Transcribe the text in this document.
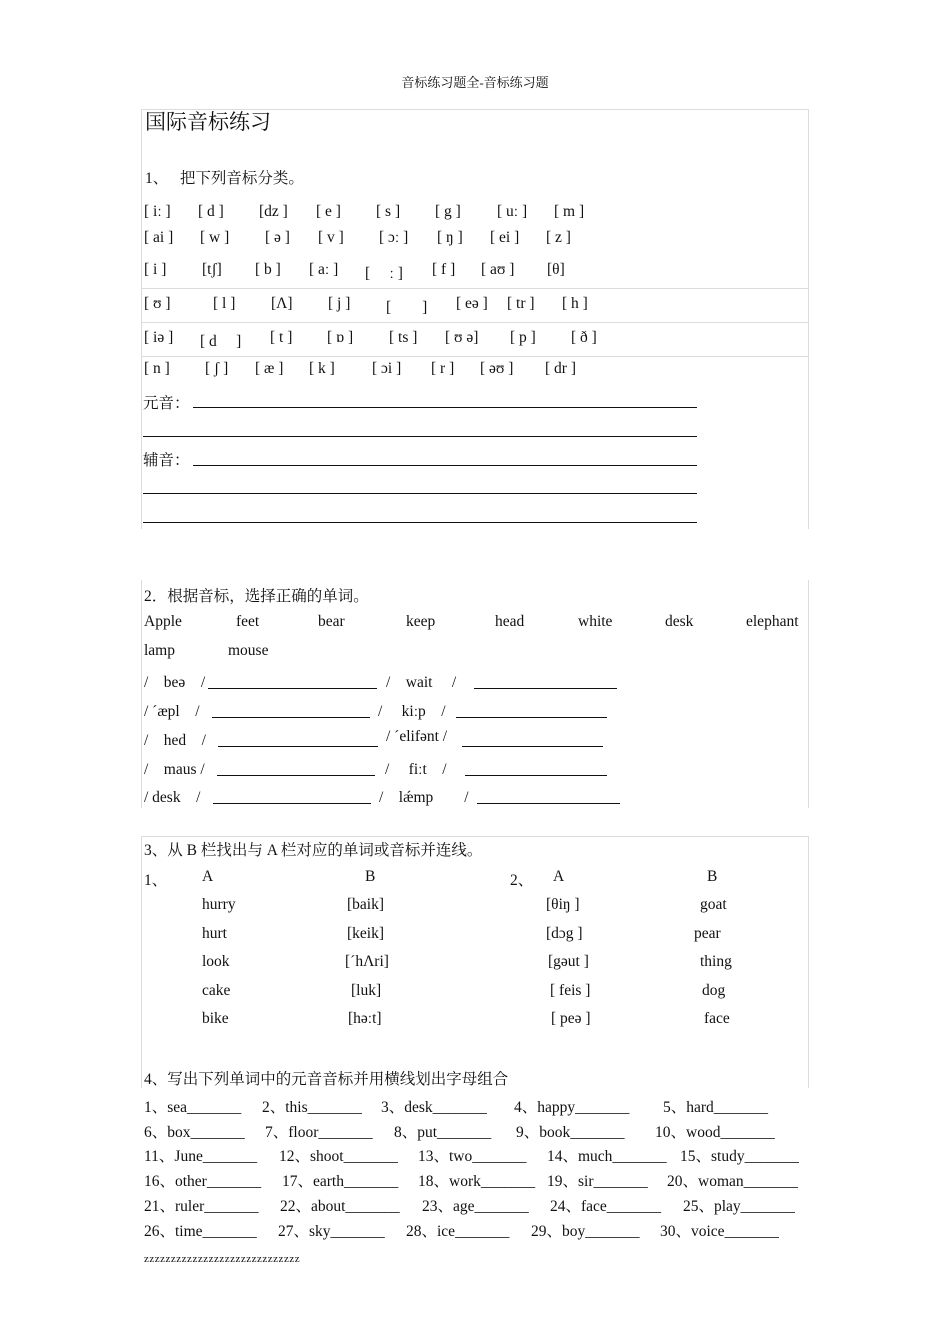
音标练习题全-音标练习题
国际音标练习
1、　 把下列音标分类。
[ iː ] [ d ] [dz ] [ e ] [ s ] [ g ] [ uː ] [ m ]
[ ai ] [ w ] [ ə ] [ v ] [ ɔː ] [ ŋ ] [ ei ] [ z ]
[ i ] [tʃ] [ b ] [ aː ] [　 ː ] [ f ] [ aʊ ] [θ]
[ ʊ ]	[ l ] [Λ] [ j ] [　　] [ eə ] [ tr ] [ h ]
[ iə ] [ d　 ] [ t ] [ ɒ ] [ ts ] [ ʊ ə] [ p ] [ ð ]
[ n ] [ ʃ ] [ æ ] [ k ] [ ɔi ] [ r ] [ əʊ ] [ dr ]
元音：
辅音：
2．根据音标，选择正确的单词。
Apple	feet	bear	keep	head	white	desk	elephant
lamp	mouse
/　beə　/	/　wait　 /
/ ˊæpl　/	/　 kiːp　/
/　hed　/	/ ˊelifənt /
/　maus /	/　 fiːt　/
/ desk　/	/　lǽmp　　/
3、从 B 栏找出与 A 栏对应的单词或音标并连线。
1、 A	B	2、 A	B
hurry	[baik]	[θiŋ ]	goat
hurt	[keik]	[dɔg ]	pear
look	[ˊhΛri]	[gəut ]	thing
cake	[luk]	[ feis ]	dog
bike	[həːt]	[ peə ]	face
4、写出下列单词中的元音音标并用横线划出字母组合
1、sea_______ 2、this_______ 3、desk_______ 4、happy_______ 5、hard_______
6、box_______ 7、floor_______ 8、put_______ 9、book_______ 10、wood_______
11、June_______ 12、shoot_______ 13、two_______ 14、much_______ 15、study_______
16、other_______ 17、earth_______ 18、work_______ 19、sir_______ 20、woman_______
21、ruler_______ 22、about_______ 23、age_______ 24、face_______ 25、play_______
26、time_______ 27、sky_______ 28、ice_______ 29、boy_______ 30、voice_______
zzzzzzzzzzzzzzzzzzzzzzzzzzzzz
